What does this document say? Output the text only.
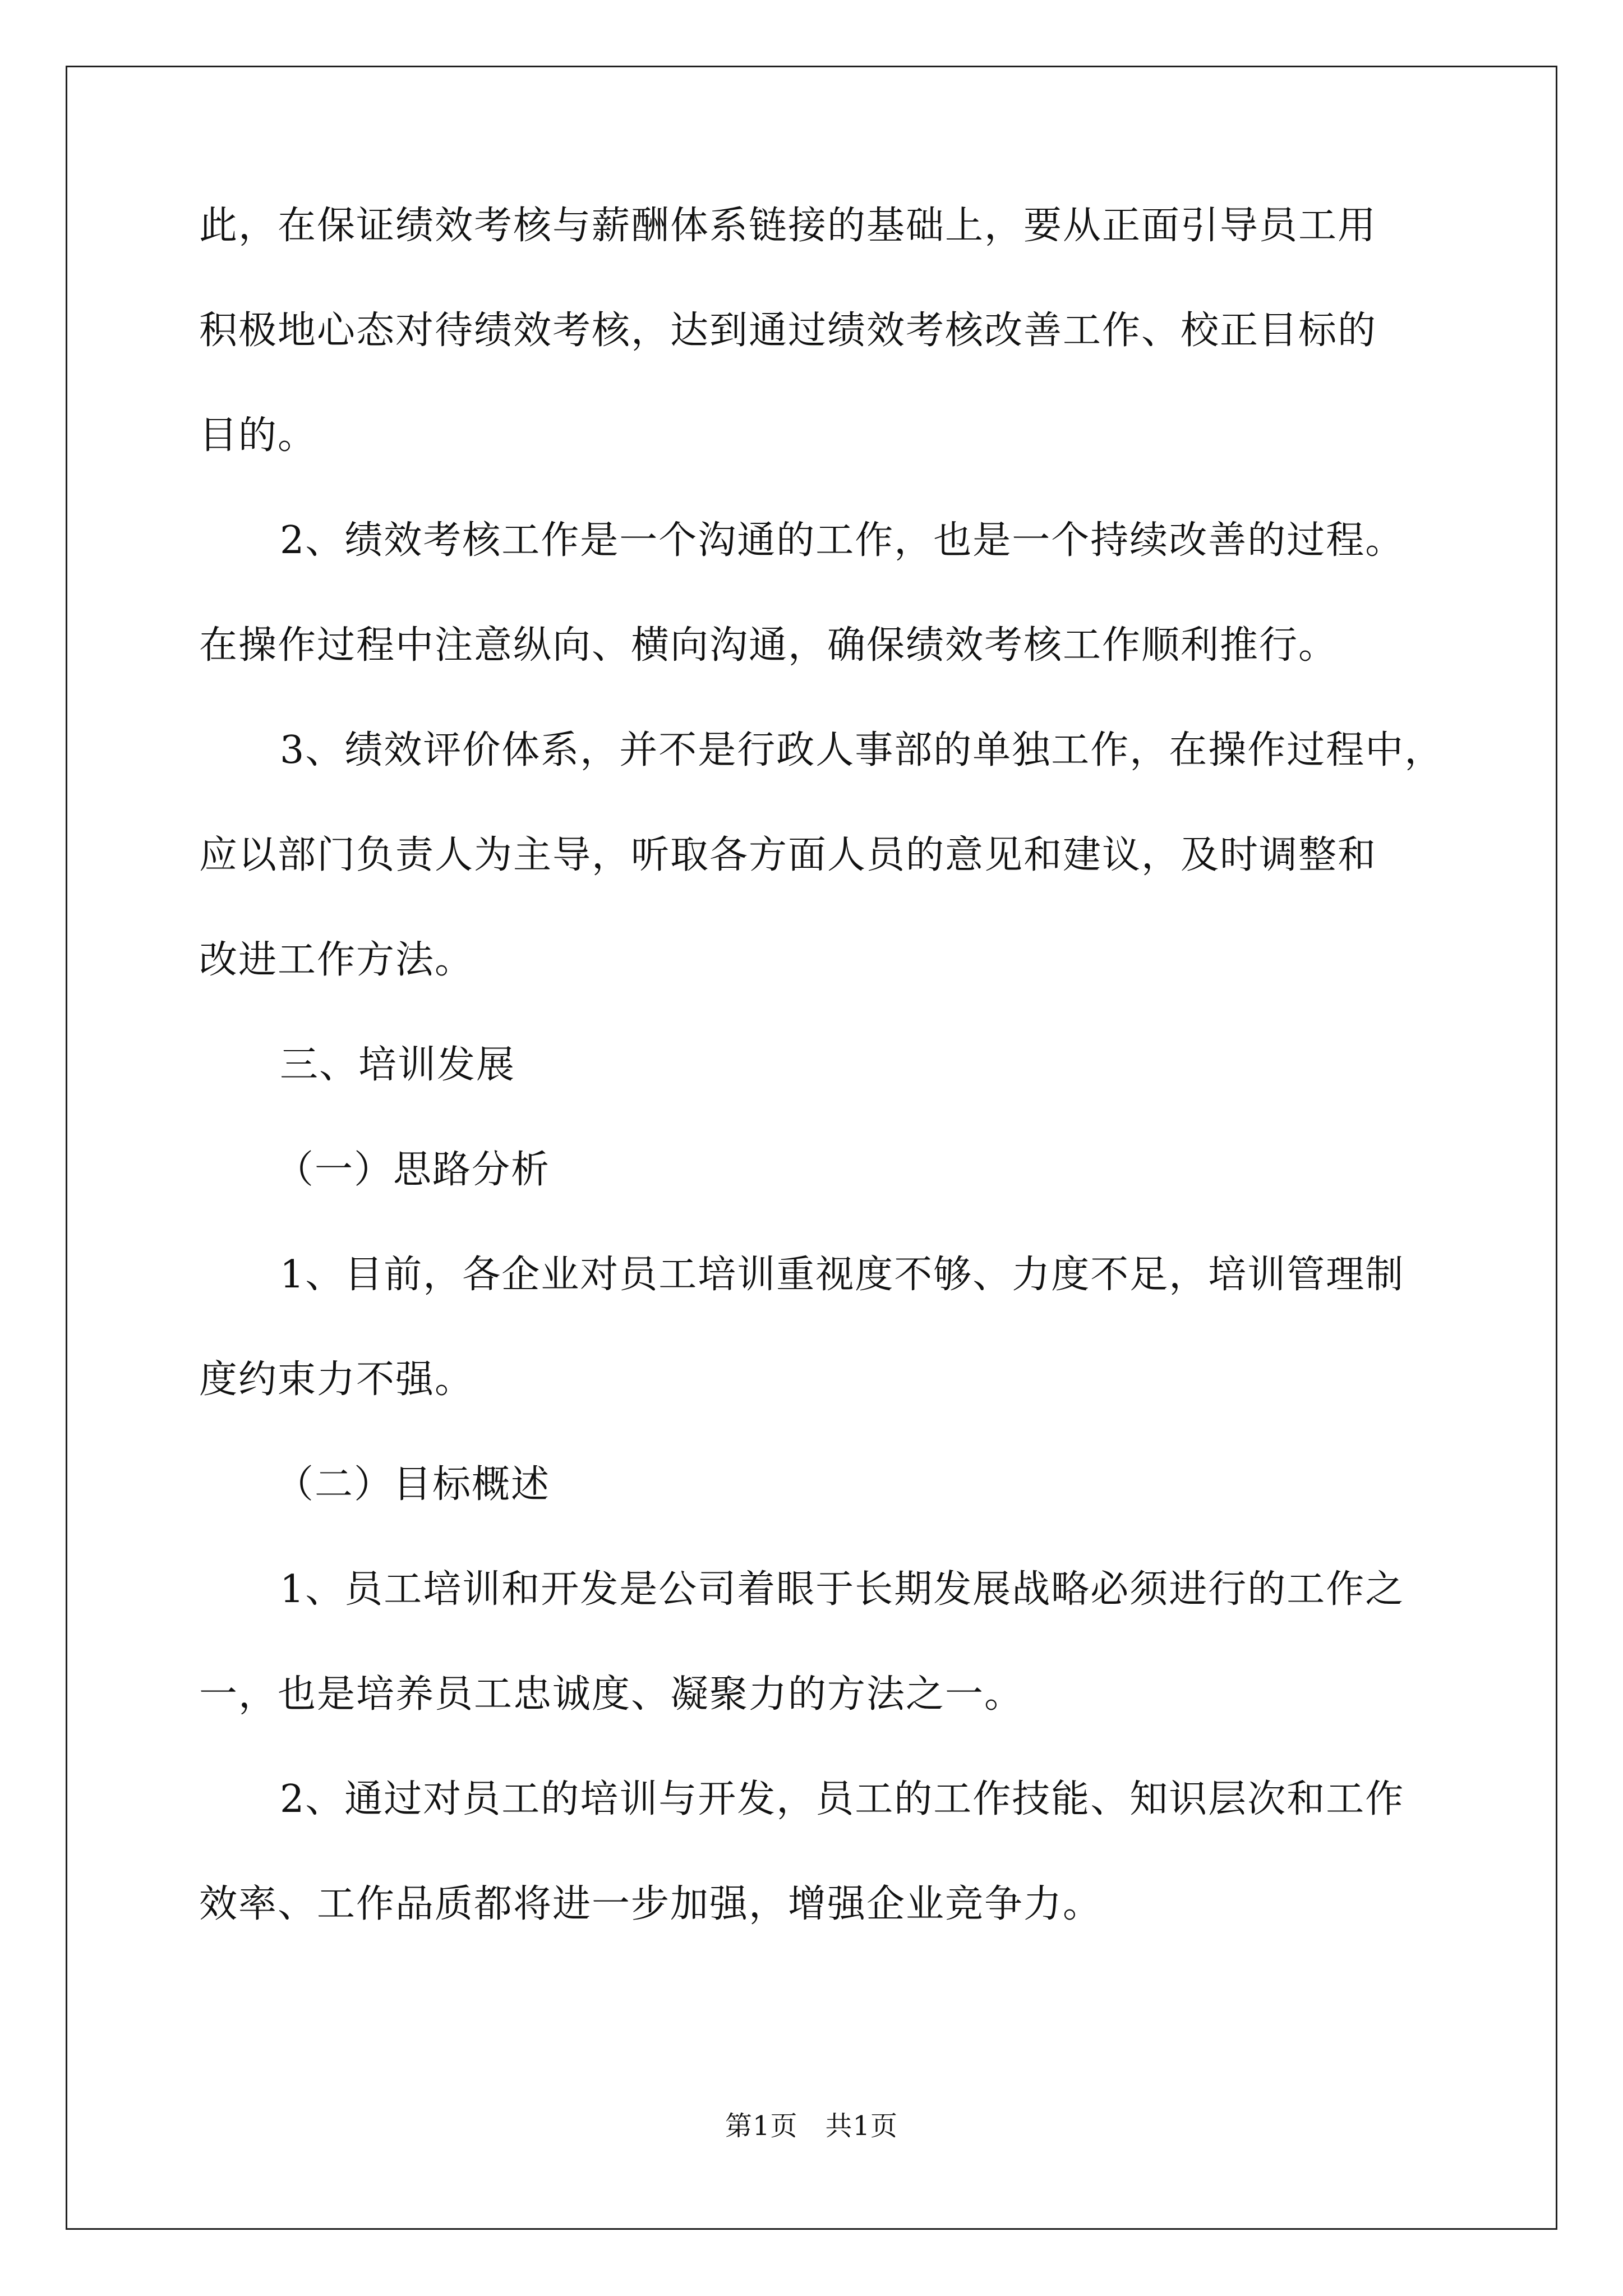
此，在保证绩效考核与薪酬体系链接的基础上，要从正面引导员工用
积极地心态对待绩效考核，达到通过绩效考核改善工作、校正目标的
目的。
2、绩效考核工作是一个沟通的工作，也是一个持续改善的过程。
在操作过程中注意纵向、横向沟通，确保绩效考核工作顺利推行。
3、绩效评价体系，并不是行政人事部的单独工作，在操作过程中，
应以部门负责人为主导，听取各方面人员的意见和建议，及时调整和
改进工作方法。
三、培训发展
（一）思路分析
1、目前，各企业对员工培训重视度不够、力度不足，培训管理制
度约束力不强。
（二）目标概述
1、员工培训和开发是公司着眼于长期发展战略必须进行的工作之
一，也是培养员工忠诚度、凝聚力的方法之一。
2、通过对员工的培训与开发，员工的工作技能、知识层次和工作
效率、工作品质都将进一步加强，增强企业竞争力。
第1页　共1页
